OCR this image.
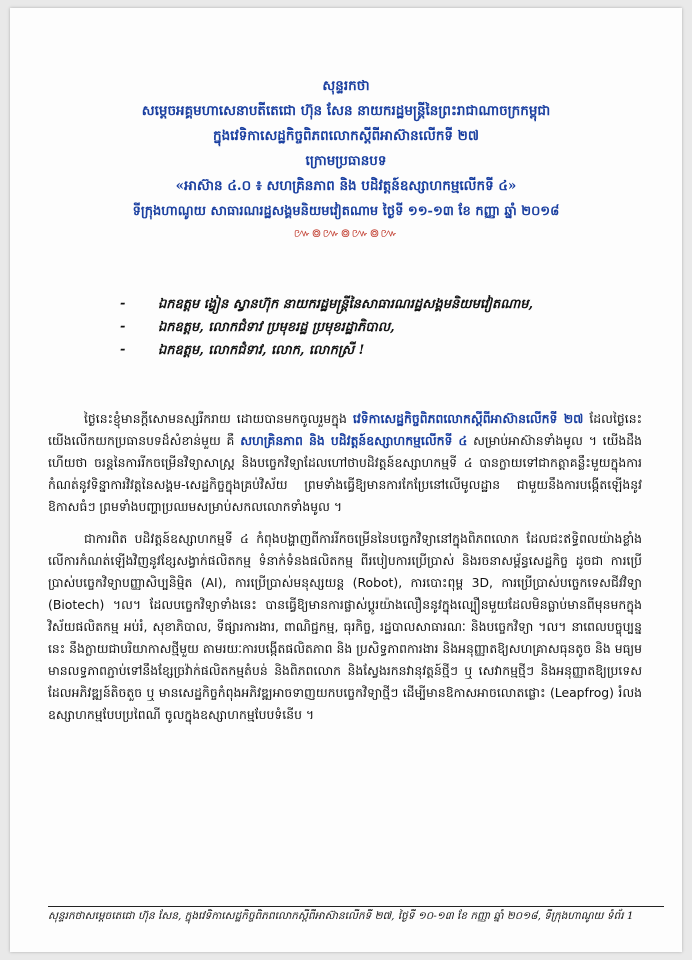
សុន្ទរកថា
សម្តេចអគ្គមហាសេនាបតីតេជោ ហ៊ុន សែន នាយករដ្ឋមន្ត្រីនៃព្រះរាជាណាចក្រកម្ពុជា
ក្នុងវេទិកាសេដ្ឋកិច្ចពិភពលោកស្តីពីអាស៊ានលើកទី ២៧
ក្រោមប្រធានបទ
«អាស៊ាន ៤.០ ៖ សហគ្រិនភាព និង បដិវត្តន៍ឧស្សាហកម្មលើកទី ៤»
ទីក្រុងហាណូយ សាធារណរដ្ឋសង្គមនិយមវៀតណាម ថ្ងៃទី ១១-១៣ ខែ កញ្ញា ឆ្នាំ ២០១៨
៚៙៚៙៚៙៚
-	ឯកឧត្តម ង្វៀន ស្វានហ៊ុក នាយករដ្ឋមន្ត្រីនៃសាធារណរដ្ឋសង្គមនិយមវៀតណាម,
-	ឯកឧត្តម, លោកជំទាវ ប្រមុខរដ្ឋ ប្រមុខរដ្ឋាភិបាល,
-	ឯកឧត្តម, លោកជំទាវ, លោក, លោកស្រី !

ថ្ងៃនេះខ្ញុំមានក្តីសោមនស្សរីករាយ ដោយបានមកចូលរួមក្នុង វេទិកាសេដ្ឋកិច្ចពិភពលោកស្តីពីអាស៊ានលើកទី ២៧ ដែលថ្ងៃនេះយើងលើកយកប្រធានបទដ៏សំខាន់មួយ គឺ សហគ្រិនភាព និង បដិវត្តន៍ឧស្សាហកម្មលើកទី ៤ សម្រាប់អាស៊ានទាំងមូល ។ យើងដឹងហើយថា ចរន្តនៃការរីកចម្រើនវិទ្យាសាស្ត្រ និងបច្ចេកវិទ្យាដែលហៅថាបដិវត្តន៍ឧស្សាហកម្មទី ៤ បានក្លាយទៅជាកត្តាគន្លឹះមួយក្នុងការកំណត់នូវទិន្នាការវិវត្តនៃសង្គម-សេដ្ឋកិច្ចក្នុងគ្រប់វិស័យ ព្រមទាំងធ្វើឱ្យមានការកែប្រែនៅលើមូលដ្ឋាន ជាមួយនឹងការបង្កើតឡើងនូវឱកាសធំៗ ព្រមទាំងបញ្ហាប្រឈមសម្រាប់សកលលោកទាំងមូល ។

ជាការពិត បដិវត្តន៍ឧស្សាហកម្មទី ៤ កំពុងបង្ហាញពីការរីកចម្រើននៃបច្ចេកវិទ្យានៅក្នុងពិភពលោក ដែលជះឥទ្ធិពលយ៉ាងខ្លាំងលើការកំណត់ឡើងវិញនូវខ្សែសង្វាក់ផលិតកម្ម ទំនាក់ទំនងផលិតកម្ម ពីរបៀបការប្រើប្រាស់ និងរចនាសម្ព័ន្ធសេដ្ឋកិច្ច ដូចជា ការប្រើប្រាស់បច្ចេកវិទ្យាបញ្ញាសិប្បនិម្មិត (AI), ការប្រើប្រាស់មនុស្សយន្ត (Robot), ការបោះពុម្ព 3D, ការប្រើប្រាស់បច្ចេកទេសជីវវិទ្យា (Biotech) ។ល។ ដែលបច្ចេកវិទ្យាទាំងនេះ បានធ្វើឱ្យមានការផ្លាស់ប្តូរយ៉ាងលឿននូវក្នុងល្បឿនមួយដែលមិនធ្លាប់មានពីមុនមកក្នុងវិស័យផលិតកម្ម អប់រំ, សុខាភិបាល, ទីផ្សារការងារ, ពាណិជ្ជកម្ម, ធុរកិច្ច, រដ្ឋបាលសាធារណៈ និងបច្ចេកវិទ្យា ។ល។ នាពេលបច្ចុប្បន្ននេះ នឹងក្លាយជាបរិយាកាសថ្មីមួយ តាមរយៈការបង្កើតផលិតភាព និង ប្រសិទ្ធភាពការងារ និងអនុញ្ញាតឱ្យសហគ្រាសធុនតូច និង មធ្យម មានលទ្ធភាពភ្ជាប់ទៅនឹងខ្សែច្រវ៉ាក់ផលិតកម្មតំបន់ និងពិភពលោក និងស្វែងរកនវានុវត្តន៍ថ្មីៗ ឬ សេវាកម្មថ្មីៗ និងអនុញ្ញាតឱ្យប្រទេសដែលអភិវឌ្ឍន៍តិចតួច ឬ មានសេដ្ឋកិច្ចកំពុងអភិវឌ្ឍអាចទាញយកបច្ចេកវិទ្យាថ្មីៗ ដើម្បីមានឱកាសអាចលោតផ្លោះ (Leapfrog) រំលងឧស្សាហកម្មបែបប្រពៃណី ចូលក្នុងឧស្សាហកម្មបែបទំនើប ។

សុន្ទរកថាសម្តេចតេជោ ហ៊ុន សែន, ក្នុងវេទិកាសេដ្ឋកិច្ចពិភពលោកស្តីពីអាស៊ានលើកទី ២៧, ថ្ងៃទី ១០-១៣ ខែ កញ្ញា ឆ្នាំ ២០១៨, ទីក្រុងហាណូយ ទំព័រ 1
